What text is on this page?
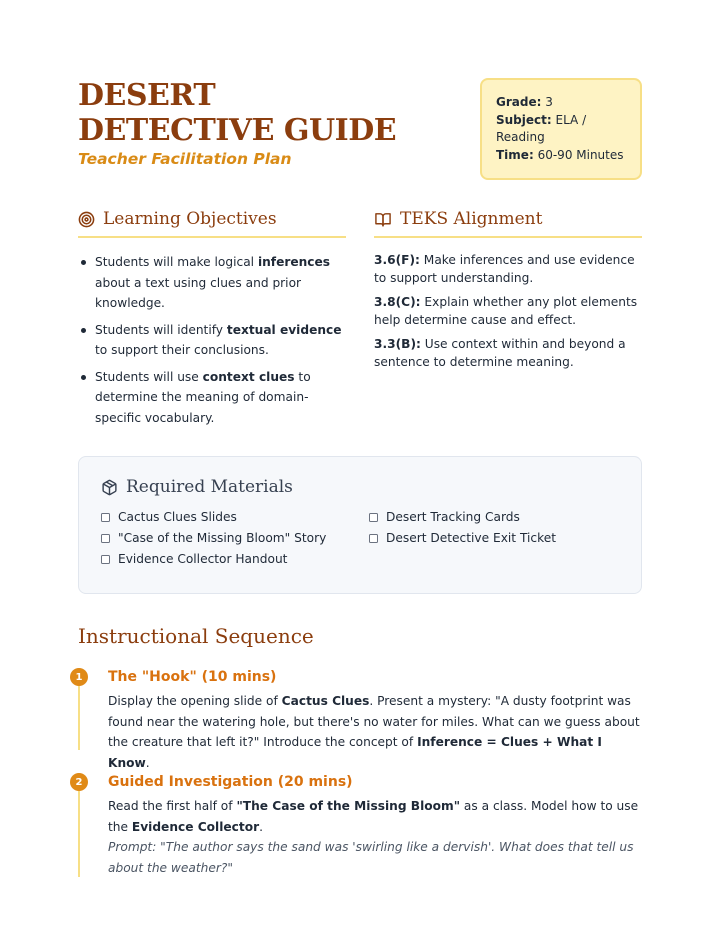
DESERT DETECTIVE GUIDE
Teacher Facilitation Plan
Grade: 3
Subject: ELA / Reading
Time: 60-90 Minutes
Learning Objectives
Students will make logical inferences about a text using clues and prior knowledge.
Students will identify textual evidence to support their conclusions.
Students will use context clues to determine the meaning of domain-specific vocabulary.
TEKS Alignment

3.6(F): Make inferences and use evidence to support understanding.

3.8(C): Explain whether any plot elements help determine cause and effect.

3.3(B): Use context within and beyond a sentence to determine meaning.

Required Materials
Cactus Clues Slides	Desert Tracking Cards
"Case of the Missing Bloom" Story	Desert Detective Exit Ticket
Evidence Collector Handout
Instructional Sequence
1	The "Hook" (10 mins)
Display the opening slide of Cactus Clues. Present a mystery: "A dusty footprint was found near the watering hole, but there's no water for miles. What can we guess about the creature that left it?" Introduce the concept of Inference = Clues + What I Know.
2	Guided Investigation (20 mins)
Read the first half of "The Case of the Missing Bloom" as a class. Model how to use the Evidence Collector.
Prompt: "The author says the sand was 'swirling like a dervish'. What does that tell us about the weather?"
